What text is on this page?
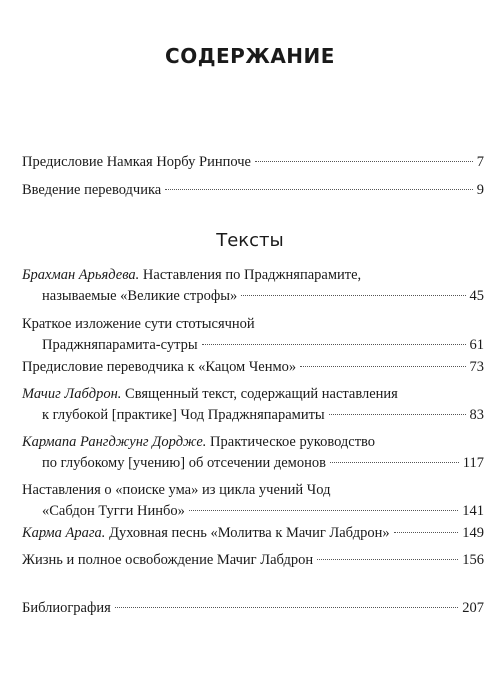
СОДЕРЖАНИЕ
Предисловие Намкая Норбу Ринпоче	7
Введение переводчика	9
Тексты
Брахман Арьядева. Наставления по Праджняпарамите,
называемые «Великие строфы»	45
Краткое изложение сути стотысячной
Праджняпарамита-сутры	61
Предисловие переводчика к «Кацом Ченмо»	73
Мачиг Лабдрон. Священный текст, содержащий наставления
к глубокой [практике] Чод Праджняпарамиты	83
Кармапа Рангджунг Дордже. Практическое руководство
по глубокому [учению] об отсечении демонов	117
Наставления о «поиске ума» из цикла учений Чод
«Сабдон Тугги Нинбо»	141
Карма Арага. Духовная песнь «Молитва к Мачиг Лабдрон»	149
Жизнь и полное освобождение Мачиг Лабдрон	156
Библиография	207
